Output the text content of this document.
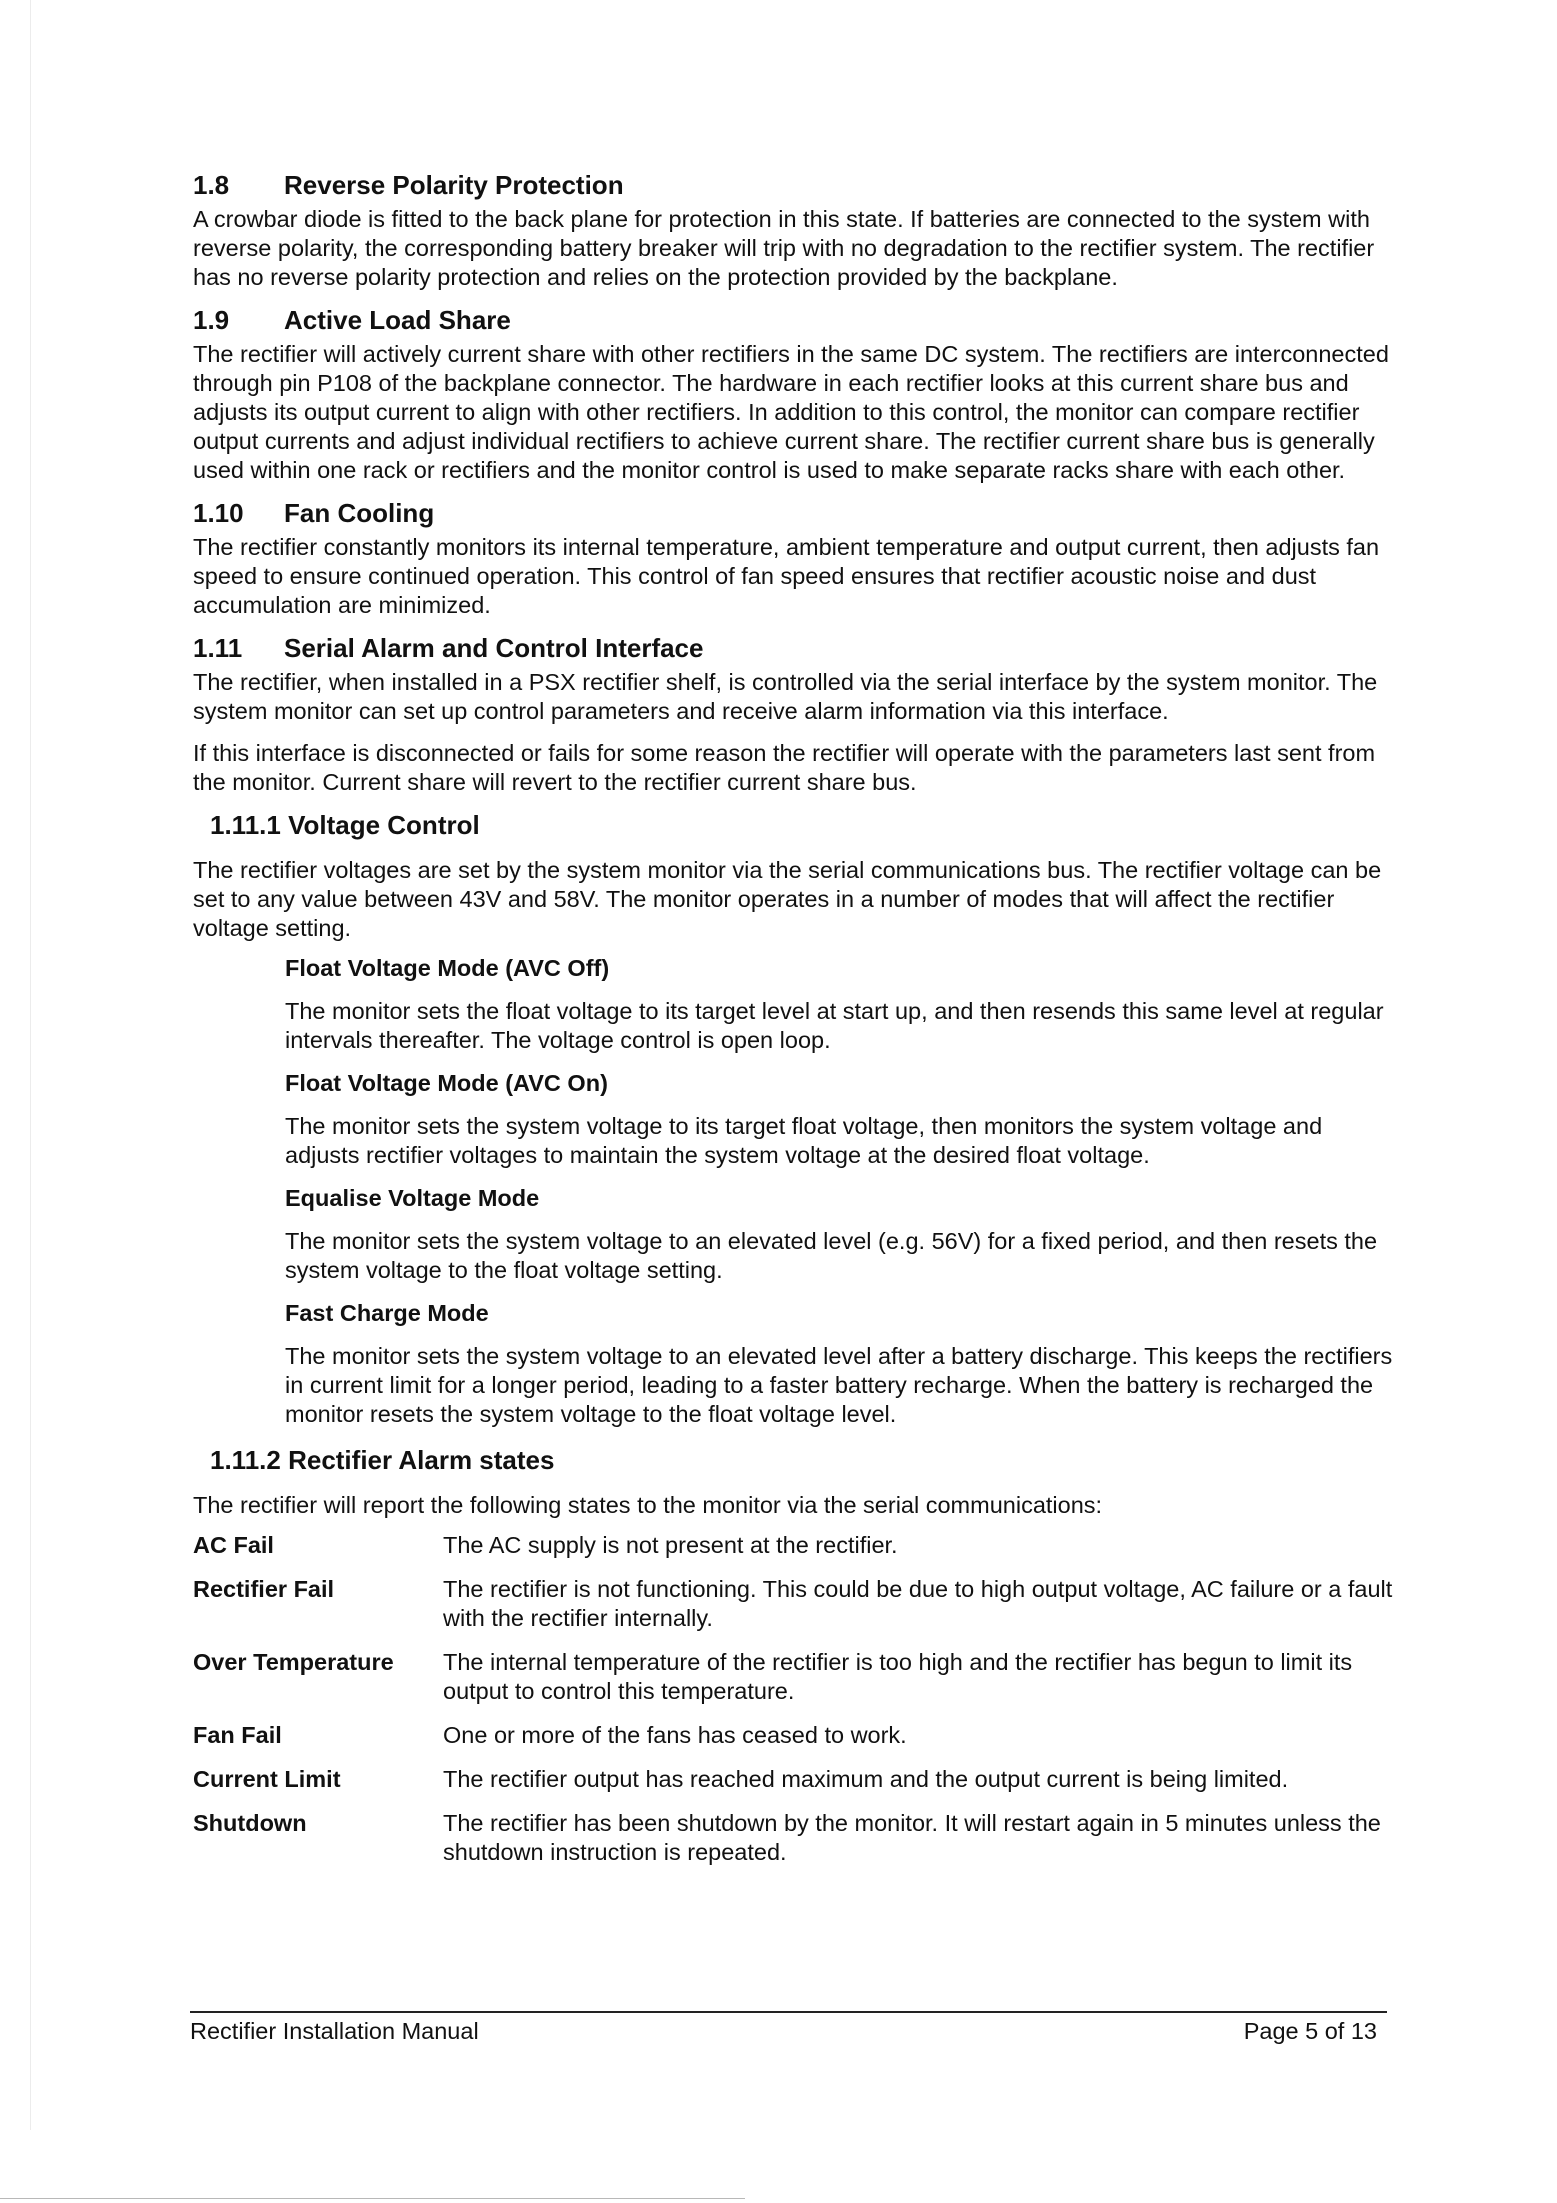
1.8 Reverse Polarity Protection

A crowbar diode is fitted to the back plane for protection in this state. If batteries are connected to the system with reverse polarity, the corresponding battery breaker will trip with no degradation to the rectifier system. The rectifier has no reverse polarity protection and relies on the protection provided by the backplane.

1.9 Active Load Share

The rectifier will actively current share with other rectifiers in the same DC system. The rectifiers are interconnected through pin P108 of the backplane connector. The hardware in each rectifier looks at this current share bus and adjusts its output current to align with other rectifiers. In addition to this control, the monitor can compare rectifier output currents and adjust individual rectifiers to achieve current share. The rectifier current share bus is generally used within one rack or rectifiers and the monitor control is used to make separate racks share with each other.

1.10 Fan Cooling

The rectifier constantly monitors its internal temperature, ambient temperature and output current, then adjusts fan speed to ensure continued operation. This control of fan speed ensures that rectifier acoustic noise and dust accumulation are minimized.

1.11 Serial Alarm and Control Interface

The rectifier, when installed in a PSX rectifier shelf, is controlled via the serial interface by the system monitor. The system monitor can set up control parameters and receive alarm information via this interface.

If this interface is disconnected or fails for some reason the rectifier will operate with the parameters last sent from the monitor. Current share will revert to the rectifier current share bus.

1.11.1 Voltage Control

The rectifier voltages are set by the system monitor via the serial communications bus. The rectifier voltage can be set to any value between 43V and 58V. The monitor operates in a number of modes that will affect the rectifier voltage setting.

Float Voltage Mode (AVC Off)
The monitor sets the float voltage to its target level at start up, and then resends this same level at regular intervals thereafter. The voltage control is open loop.
Float Voltage Mode (AVC On)
The monitor sets the system voltage to its target float voltage, then monitors the system voltage and adjusts rectifier voltages to maintain the system voltage at the desired float voltage.
Equalise Voltage Mode
The monitor sets the system voltage to an elevated level (e.g. 56V) for a fixed period, and then resets the system voltage to the float voltage setting.
Fast Charge Mode
The monitor sets the system voltage to an elevated level after a battery discharge. This keeps the rectifiers in current limit for a longer period, leading to a faster battery recharge. When the battery is recharged the monitor resets the system voltage to the float voltage level.
1.11.2 Rectifier Alarm states

The rectifier will report the following states to the monitor via the serial communications:

AC Fail	The AC supply is not present at the rectifier.
Rectifier Fail	The rectifier is not functioning. This could be due to high output voltage, AC failure or a fault with the rectifier internally.
Over Temperature	The internal temperature of the rectifier is too high and the rectifier has begun to limit its output to control this temperature.
Fan Fail	One or more of the fans has ceased to work.
Current Limit	The rectifier output has reached maximum and the output current is being limited.
Shutdown	The rectifier has been shutdown by the monitor. It will restart again in 5 minutes unless the shutdown instruction is repeated.
Rectifier Installation Manual	Page 5 of 13
